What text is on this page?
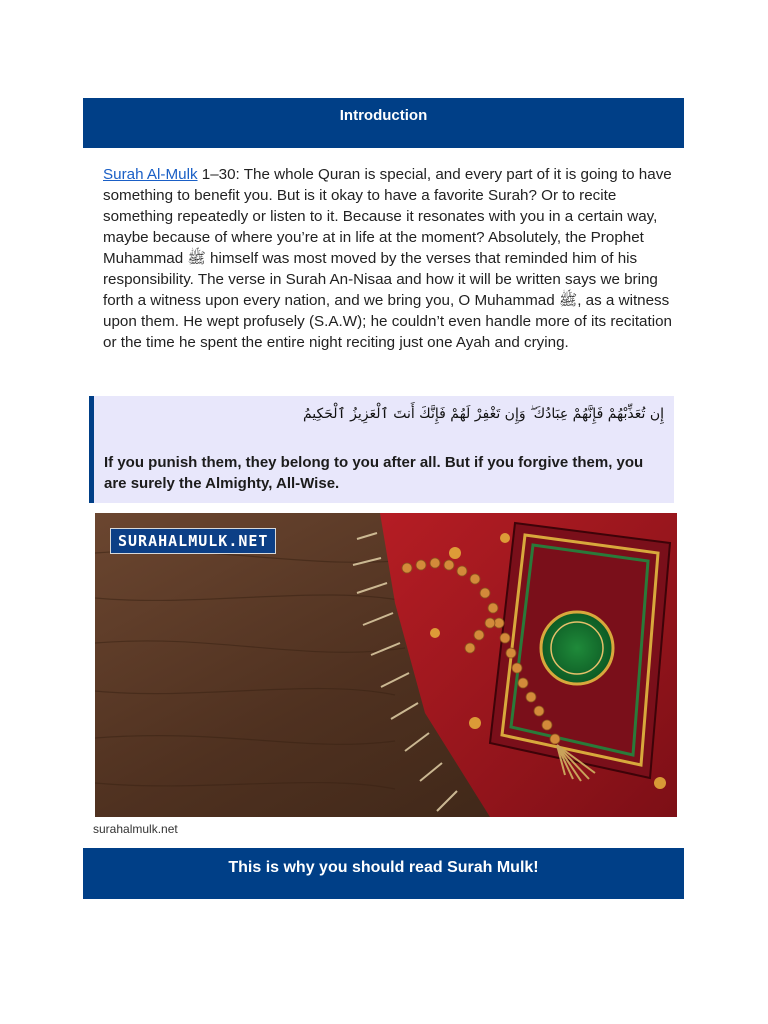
Introduction

Surah Al-Mulk 1–30: The whole Quran is special, and every part of it is going to have something to benefit you. But is it okay to have a favorite Surah? Or to recite something repeatedly or listen to it. Because it resonates with you in a certain way, maybe because of where you’re at in life at the moment? Absolutely, the Prophet Muhammad ﷺ himself was most moved by the verses that reminded him of his responsibility. The verse in Surah An-Nisaa and how it will be written says we bring forth a witness upon every nation, and we bring you, O Muhammad ﷺ, as a witness upon them. He wept profusely (S.A.W); he couldn’t even handle more of its recitation or the time he spent the entire night reciting just one Ayah and crying.

إِن تُعَذِّبْهُمْ فَإِنَّهُمْ عِبَادُكَ ۖ وَإِن تَغْفِرْ لَهُمْ فَإِنَّكَ أَنتَ ٱلْعَزِيزُ ٱلْحَكِيمُ

If you punish them, they belong to you after all. But if you forgive them, you are surely the Almighty, All-Wise.

SURAHALMULK.NET

surahalmulk.net

This is why you should read Surah Mulk!
